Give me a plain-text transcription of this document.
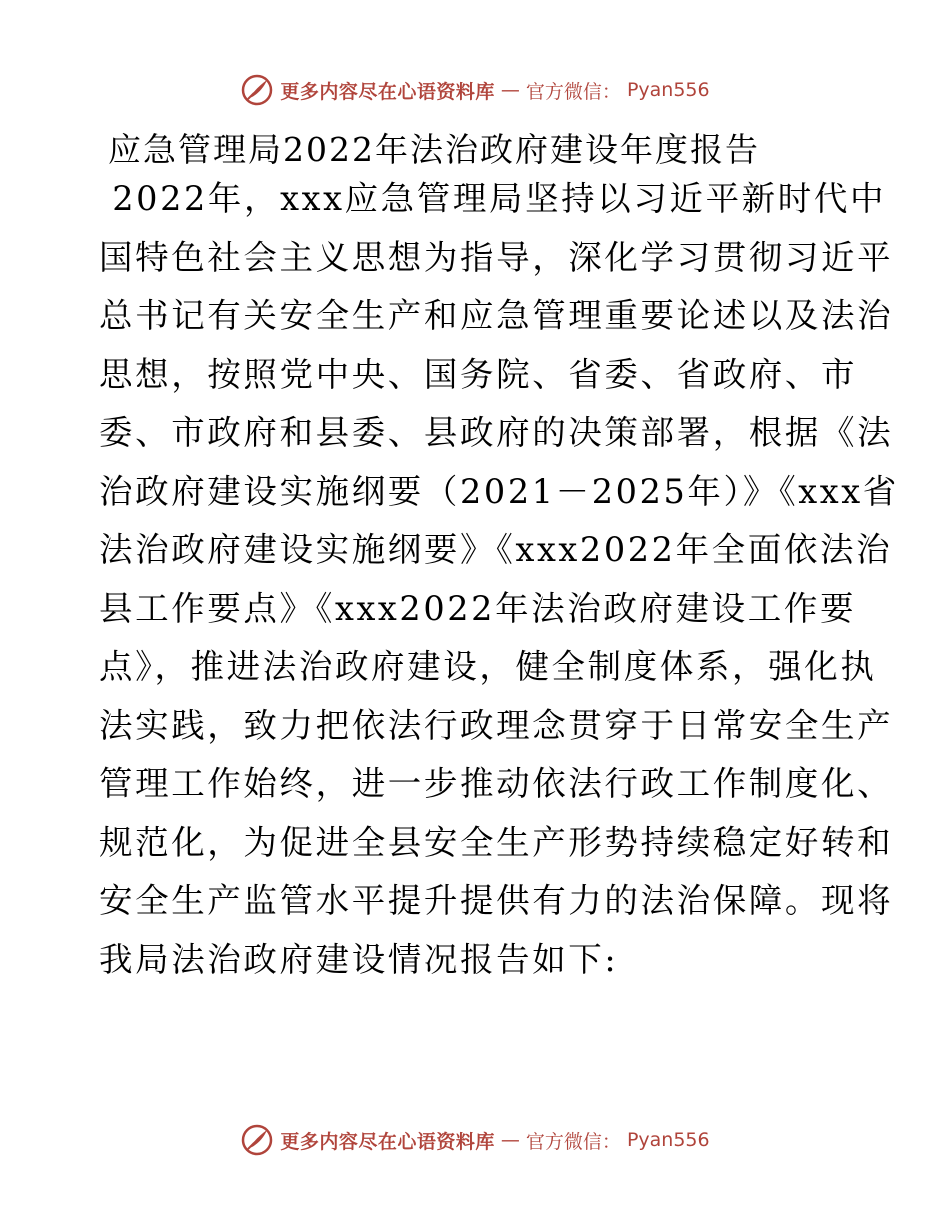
更多内容尽在心语资料库 — 官方微信： Pyan556
应急管理局2022年法治政府建设年度报告
2022年，xxx应急管理局坚持以习近平新时代中
国特色社会主义思想为指导，深化学习贯彻习近平
总书记有关安全生产和应急管理重要论述以及法治
思想，按照党中央、国务院、省委、省政府、市
委、市政府和县委、县政府的决策部署，根据《法
治政府建设实施纲要（2021－2025年）》《xxx省
法治政府建设实施纲要》《xxx2022年全面依法治
县工作要点》《xxx2022年法治政府建设工作要
点》，推进法治政府建设，健全制度体系，强化执
法实践，致力把依法行政理念贯穿于日常安全生产
管理工作始终，进一步推动依法行政工作制度化、
规范化，为促进全县安全生产形势持续稳定好转和
安全生产监管水平提升提供有力的法治保障。现将
我局法治政府建设情况报告如下:
更多内容尽在心语资料库 — 官方微信： Pyan556
